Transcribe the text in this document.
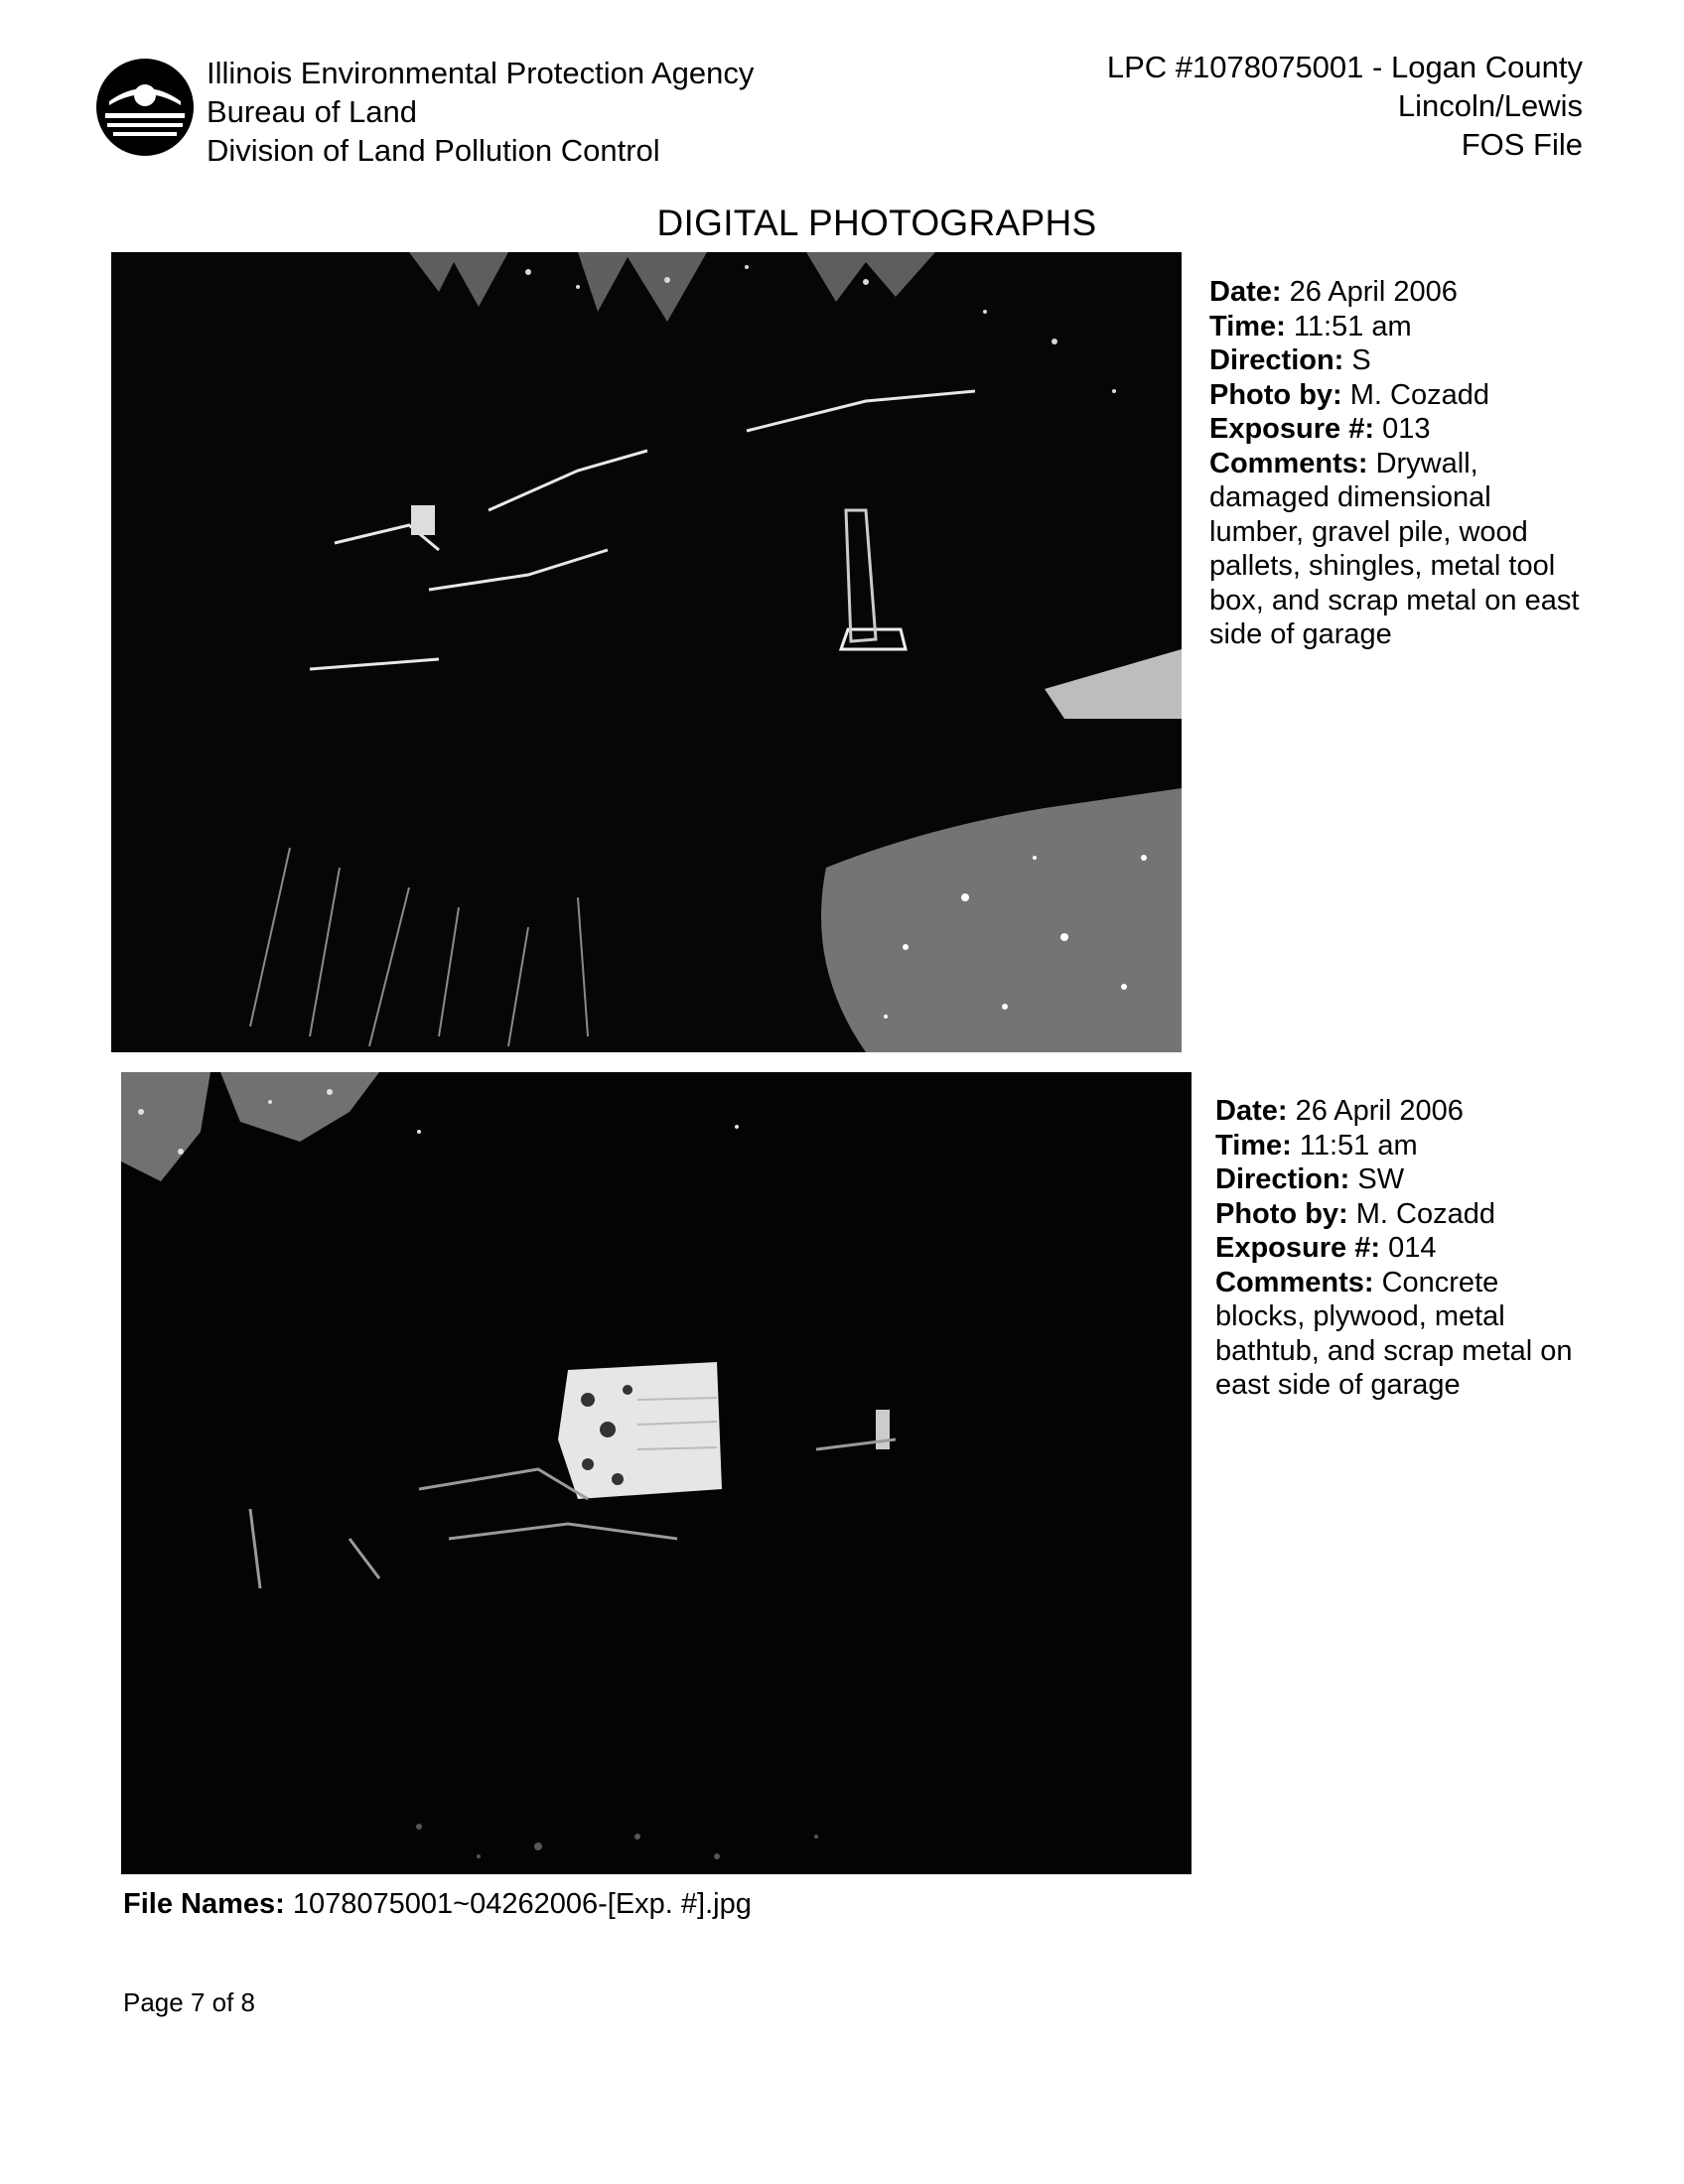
Illinois Environmental Protection Agency
Bureau of Land
Division of Land Pollution Control
LPC #1078075001 - Logan County
Lincoln/Lewis
FOS File
DIGITAL PHOTOGRAPHS
Date: 26 April 2006
Time: 11:51 am
Direction: S
Photo by: M. Cozadd
Exposure #: 013
Comments: Drywall, damaged dimensional lumber, gravel pile, wood pallets, shingles, metal tool box, and scrap metal on east side of garage
Date: 26 April 2006
Time: 11:51 am
Direction: SW
Photo by: M. Cozadd
Exposure #: 014
Comments: Concrete blocks, plywood, metal bathtub, and scrap metal on east side of garage
File Names: 1078075001~04262006-[Exp. #].jpg
Page 7 of 8
